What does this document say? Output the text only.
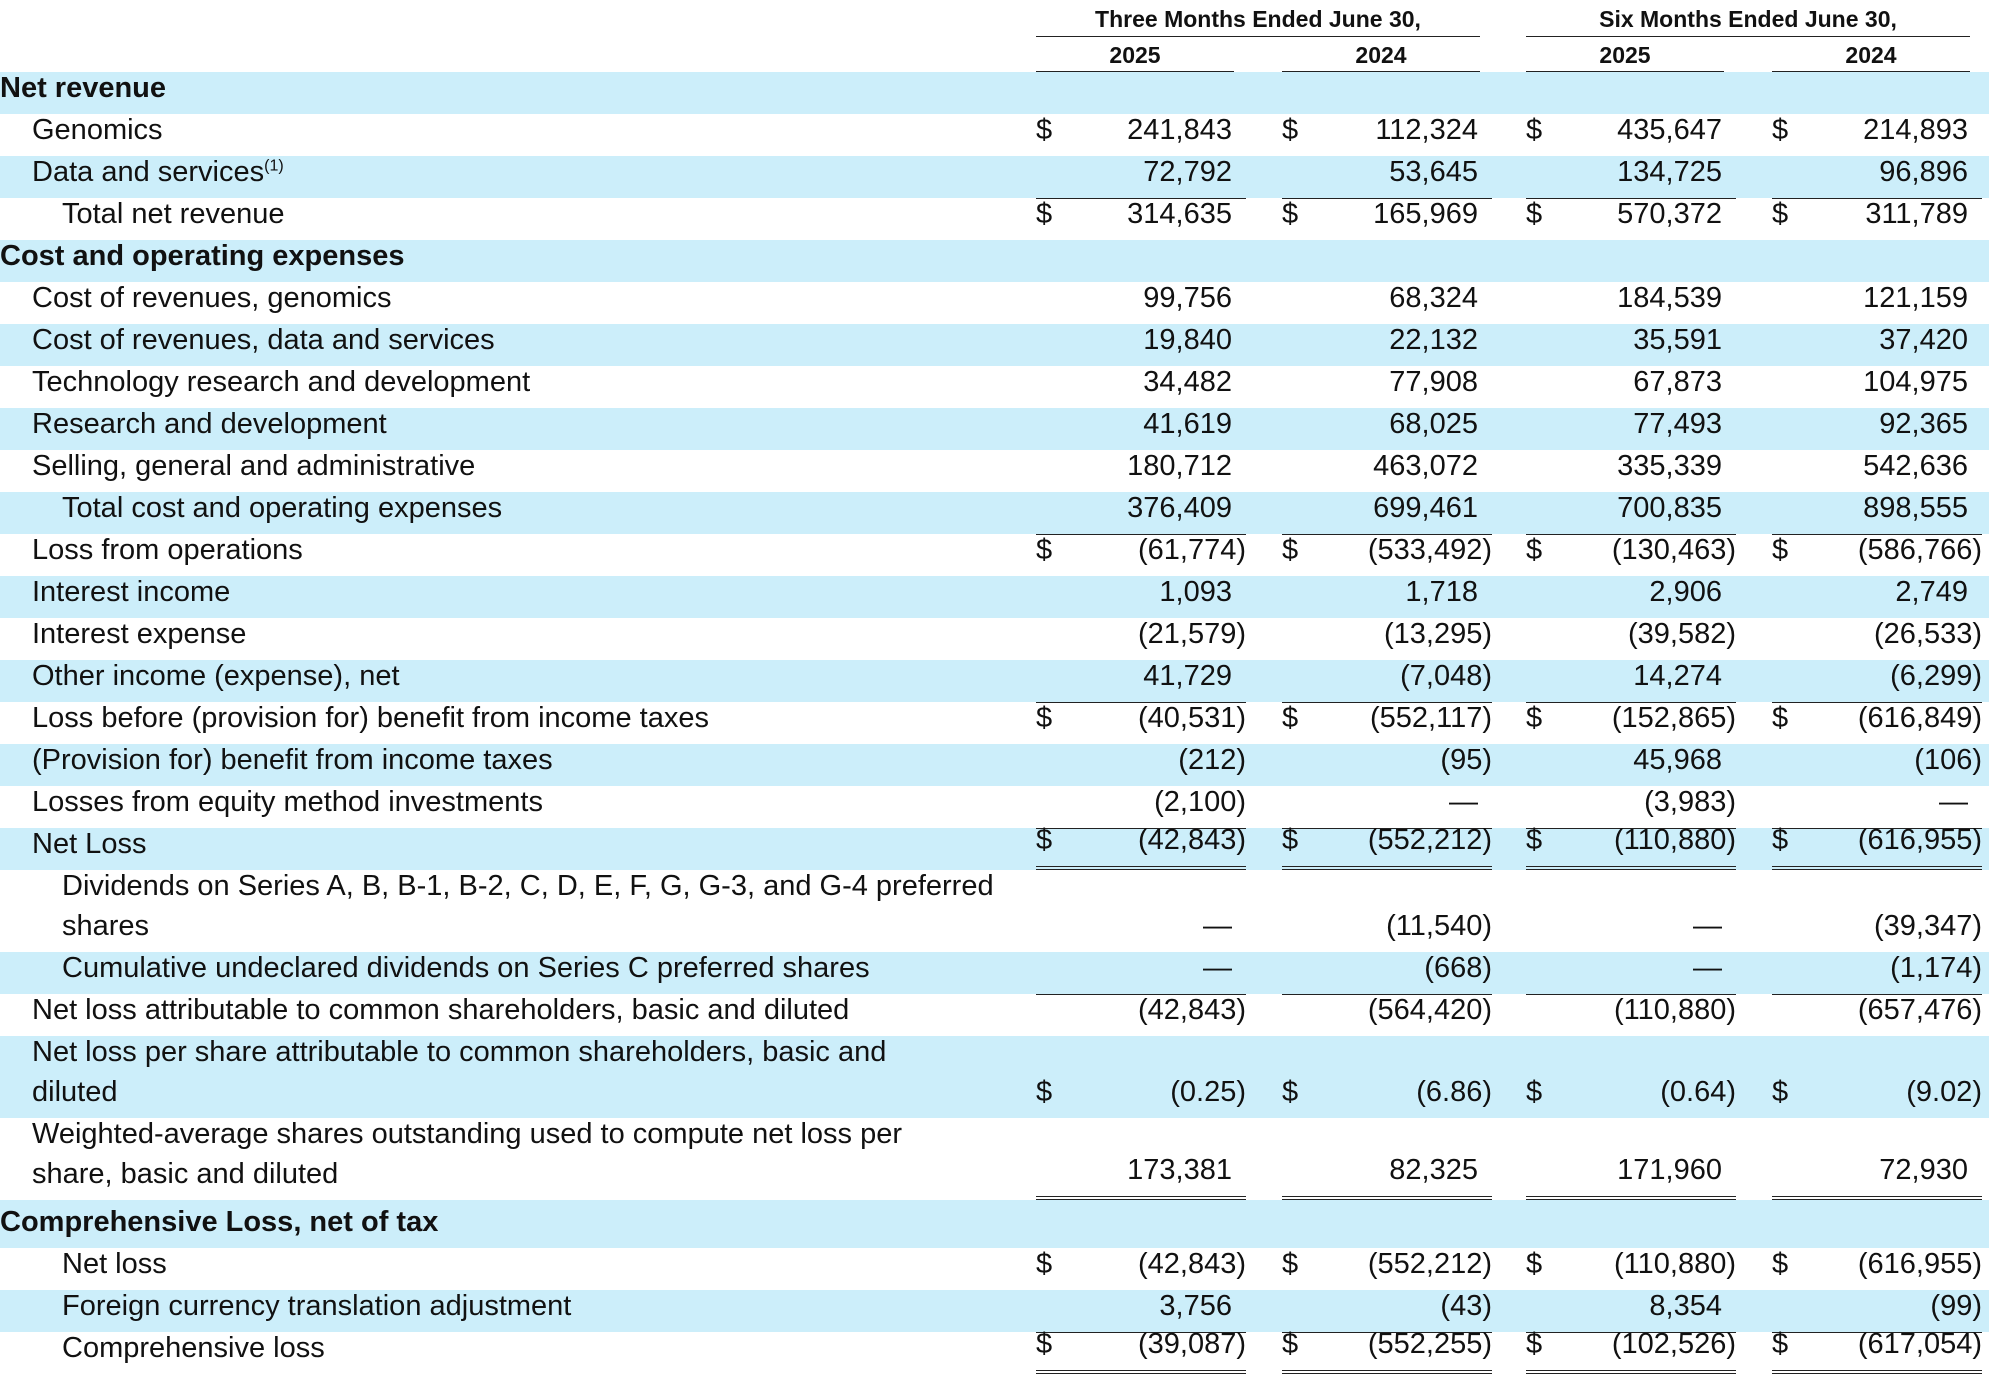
Three Months Ended June 30,	Six Months Ended June 30,
2025	2024	2025	2024
Net revenue
Genomics	$	241,843 $	112,324 $	435,647 $	214,893
Data and services$^{(1)}$	72,792	53,645	134,725	96,896
Total net revenue	$	314,635 $	165,969 $	570,372 $	311,789
Cost and operating expenses
Cost of revenues, genomics	99,756	68,324	184,539	121,159
Cost of revenues, data and services	19,840	22,132	35,591	37,420
Technology research and development	34,482	77,908	67,873	104,975
Research and development	41,619	68,025	77,493	92,365
Selling, general and administrative	180,712	463,072	335,339	542,636
Total cost and operating expenses	376,409	699,461	700,835	898,555
Loss from operations	$	(61,774) $ (533,492) $ (130,463) $ (586,766)
Interest income	1,093	1,718	2,906	2,749
Interest expense	(21,579)	(13,295)	(39,582)	(26,533)
Other income (expense), net	41,729	(7,048)	14,274	(6,299)
Loss before (provision for) benefit from income taxes	$	(40,531) $ (552,117) $ (152,865) $ (616,849)
(Provision for) benefit from income taxes	(212)	(95)	45,968	(106)
Losses from equity method investments	(2,100)	—	(3,983)	—
Net Loss	$	(42,843) $ (552,212) $ (110,880) $ (616,955)
Dividends on Series A, B, B-1, B-2, C, D, E, F, G, G-3, and G-4 preferred
shares	—	(11,540)	—	(39,347)
Cumulative undeclared dividends on Series C preferred shares	—	(668)	—	(1,174)
Net loss attributable to common shareholders, basic and diluted	(42,843)	(564,420)	(110,880)	(657,476)
Net loss per share attributable to common shareholders, basic and
diluted	$	(0.25) $	(6.86) $	(0.64) $	(9.02)
Weighted-average shares outstanding used to compute net loss per
share, basic and diluted	173,381	82,325	171,960	72,930
Comprehensive Loss, net of tax
Net loss	$	(42,843) $ (552,212) $ (110,880) $ (616,955)
Foreign currency translation adjustment	3,756	(43)	8,354	(99)
Comprehensive loss	$	(39,087) $ (552,255) $ (102,526) $ (617,054)
